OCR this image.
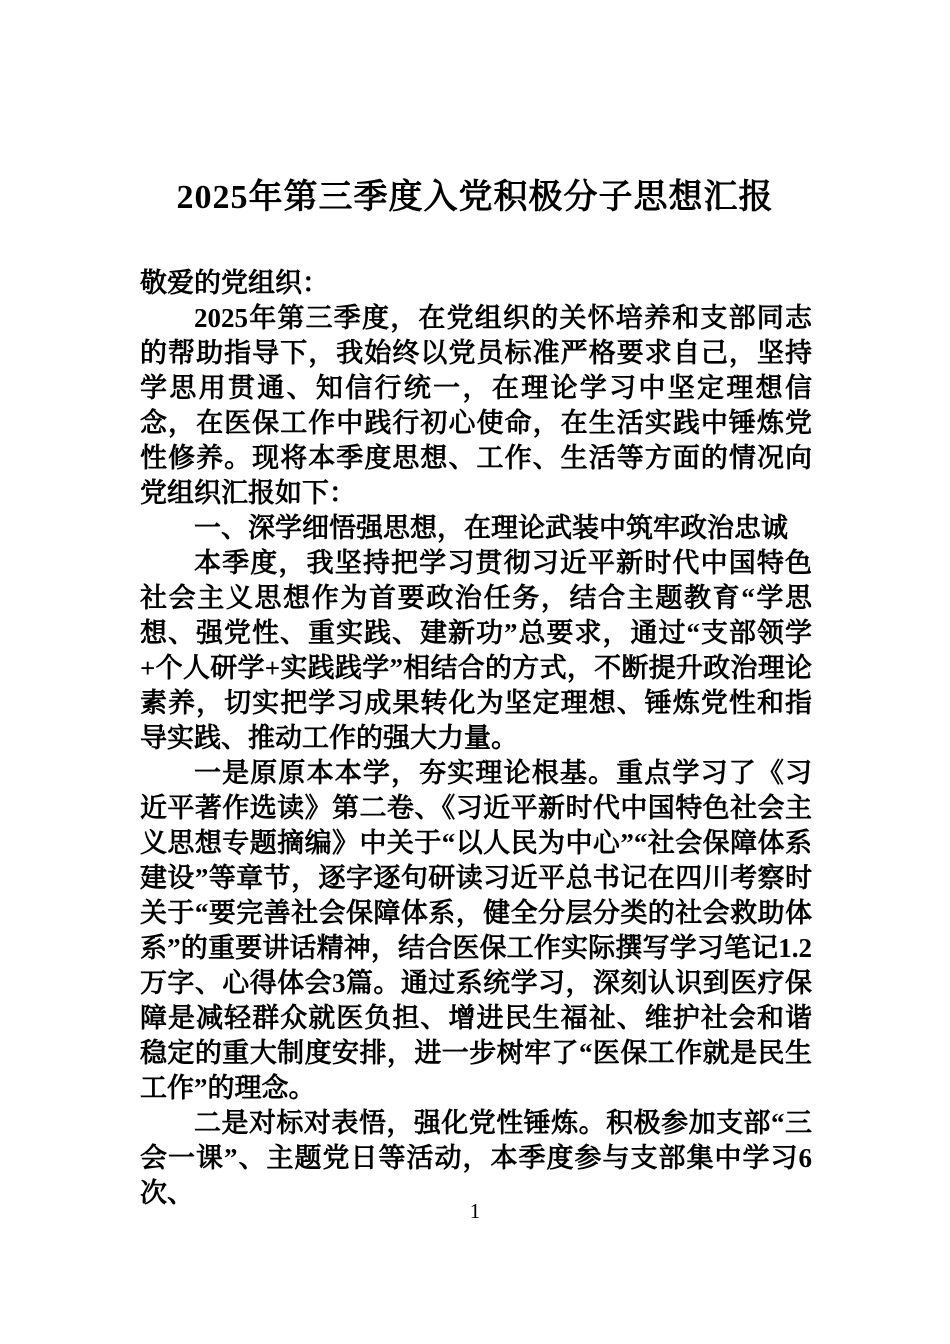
2025年第三季度入党积极分子思想汇报

敬爱的党组织：

2025年第三季度，在党组织的关怀培养和支部同志的帮助指导下，我始终以党员标准严格要求自己，坚持学思用贯通、知信行统一，在理论学习中坚定理想信念，在医保工作中践行初心使命，在生活实践中锤炼党性修养。现将本季度思想、工作、生活等方面的情况向党组织汇报如下：

一、深学细悟强思想，在理论武装中筑牢政治忠诚

本季度，我坚持把学习贯彻习近平新时代中国特色社会主义思想作为首要政治任务，结合主题教育“学思想、强党性、重实践、建新功”总要求，通过“支部领学+个人研学+实践践学”相结合的方式，不断提升政治理论素养，切实把学习成果转化为坚定理想、锤炼党性和指导实践、推动工作的强大力量。

一是原原本本学，夯实理论根基。重点学习了《习近平著作选读》第二卷、《习近平新时代中国特色社会主义思想专题摘编》中关于“以人民为中心”“社会保障体系建设”等章节，逐字逐句研读习近平总书记在四川考察时关于“要完善社会保障体系，健全分层分类的社会救助体系”的重要讲话精神，结合医保工作实际撰写学习笔记1.2万字、心得体会3篇。通过系统学习，深刻认识到医疗保障是减轻群众就医负担、增进民生福祉、维护社会和谐稳定的重大制度安排，进一步树牢了“医保工作就是民生工作”的理念。

二是对标对表悟，强化党性锤炼。积极参加支部“三会一课”、主题党日等活动，本季度参与支部集中学习6次、

1
